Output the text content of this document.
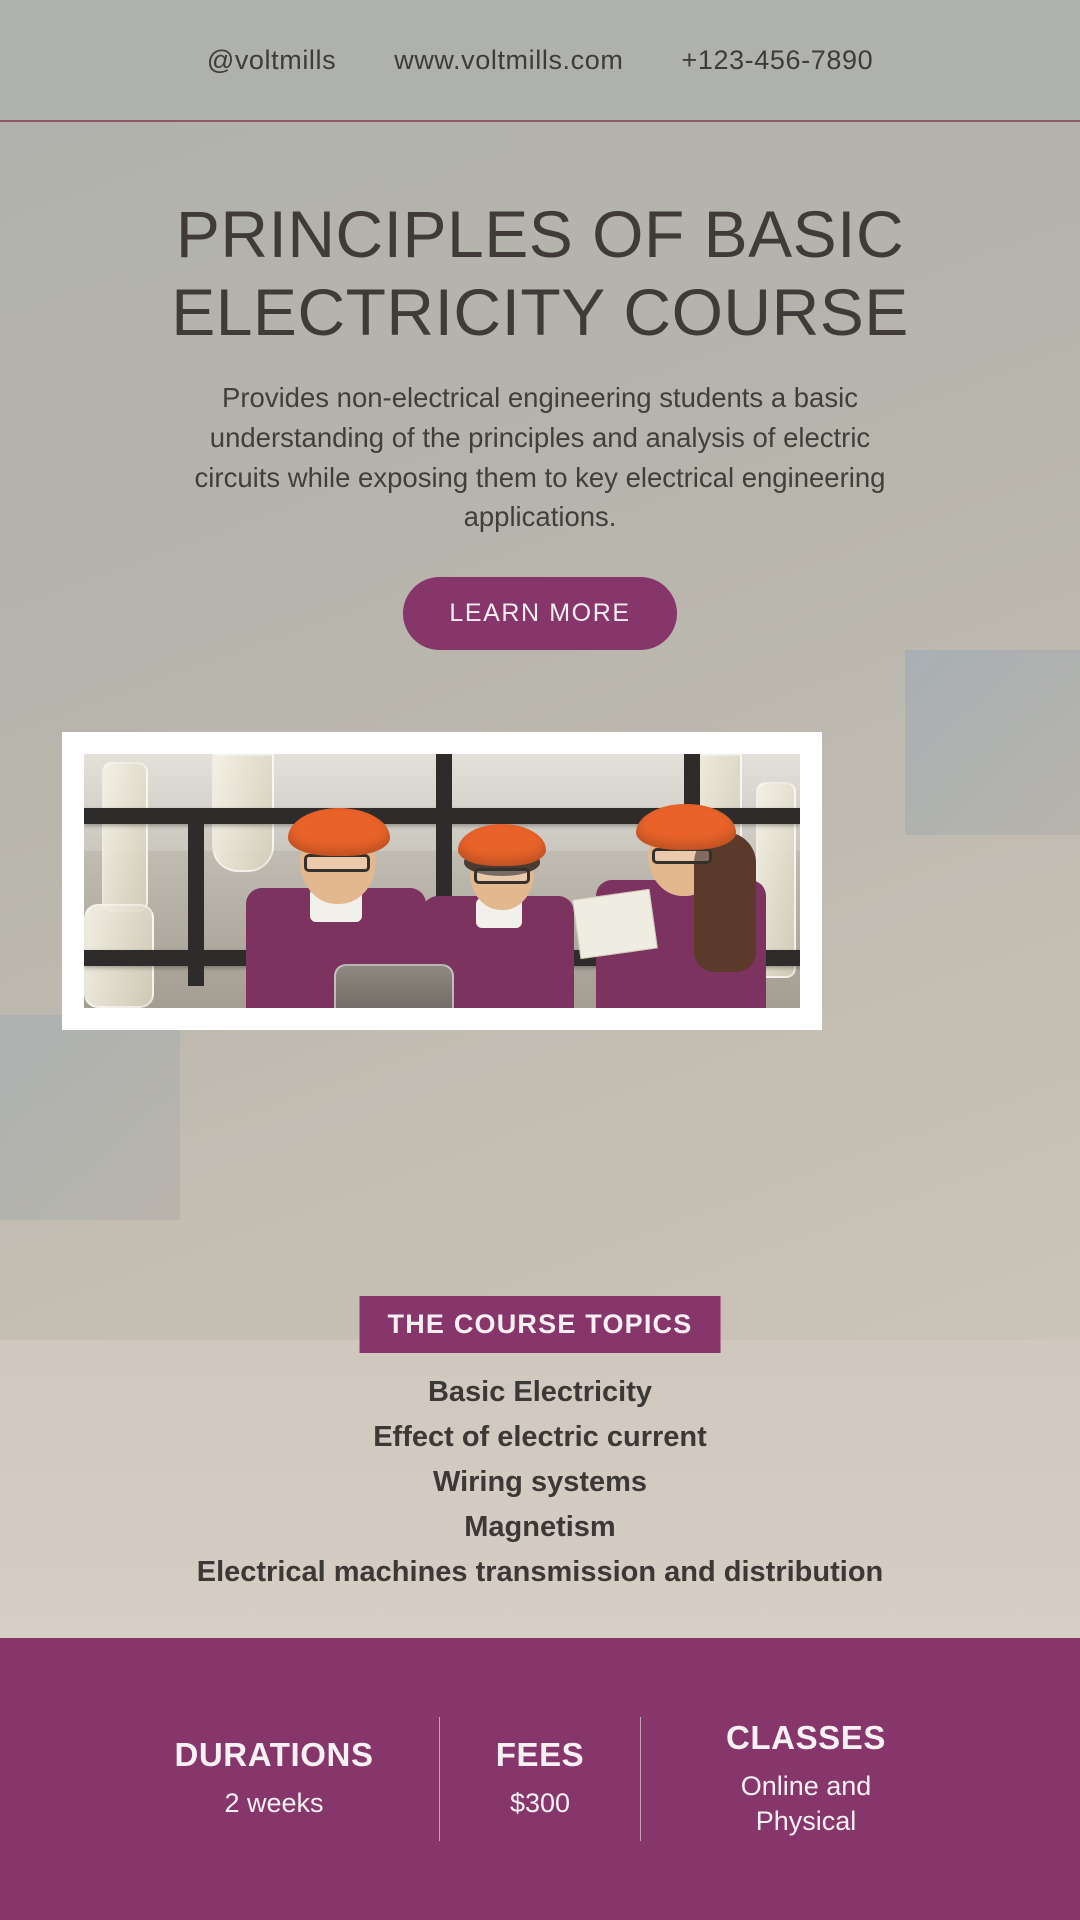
@voltmills www.voltmills.com +123-456-7890
PRINCIPLES OF BASIC ELECTRICITY COURSE

Provides non-electrical engineering students a basic understanding of the principles and analysis of electric circuits while exposing them to key electrical engineering applications.

LEARN MORE
THE COURSE TOPICS
Basic Electricity
Effect of electric current
Wiring systems
Magnetism
Electrical machines transmission and distribution
DURATIONS
2 weeks
FEES
$300
CLASSES
Online and Physical
